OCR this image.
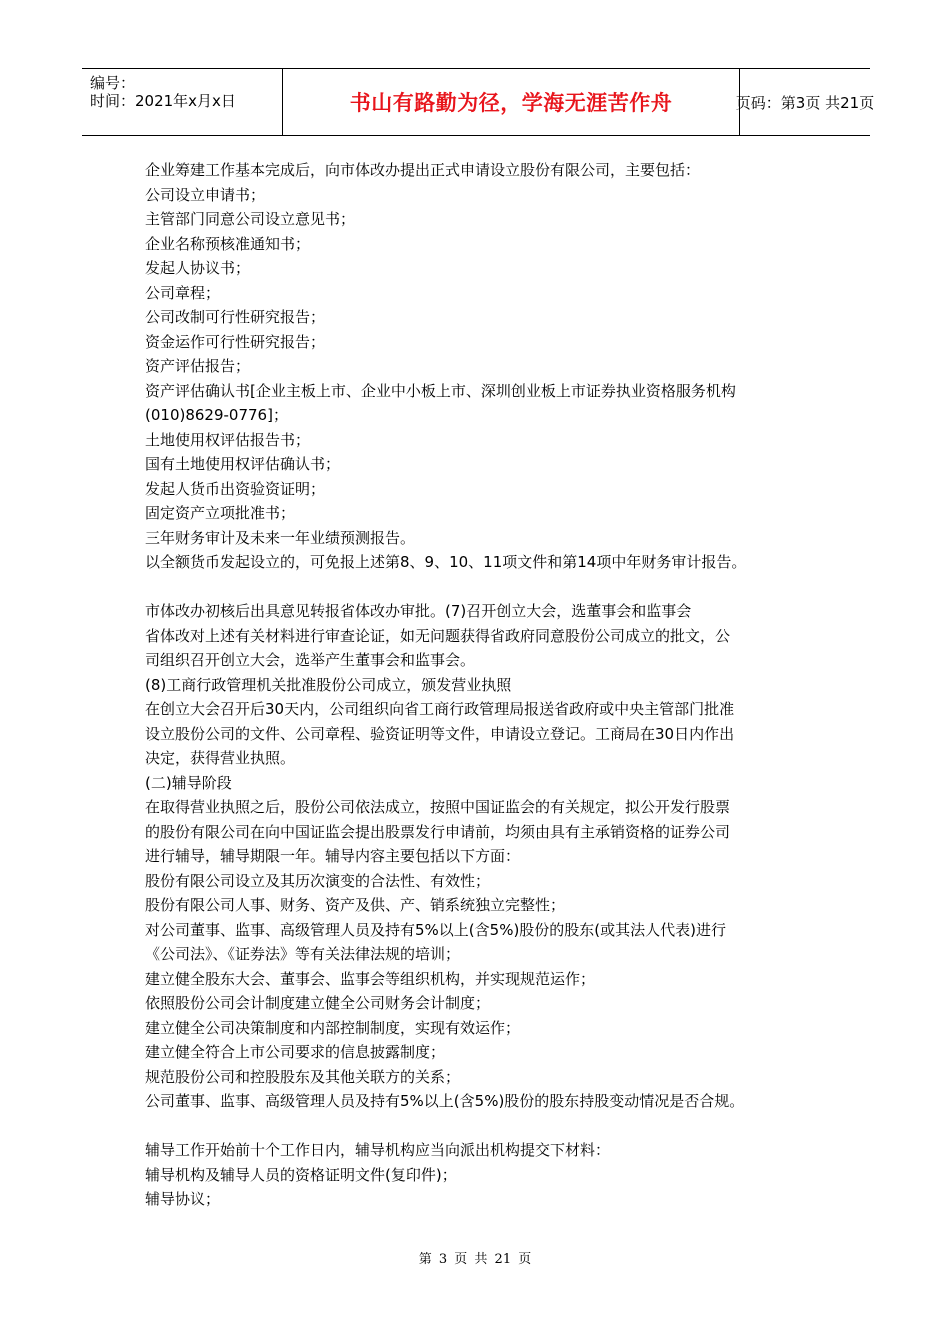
编号：
时间：2021年x月x日	书山有路勤为径，学海无涯苦作舟	页码：第3页 共21页
企业筹建工作基本完成后，向市体改办提出正式申请设立股份有限公司，主要包括：
公司设立申请书；
主管部门同意公司设立意见书；
企业名称预核准通知书；
发起人协议书；
公司章程；
公司改制可行性研究报告；
资金运作可行性研究报告；
资产评估报告；
资产评估确认书[企业主板上市、企业中小板上市、深圳创业板上市证券执业资格服务机构
(010)8629-0776]；
土地使用权评估报告书；
国有土地使用权评估确认书；
发起人货币出资验资证明；
固定资产立项批准书；
三年财务审计及未来一年业绩预测报告。
以全额货币发起设立的，可免报上述第8、9、10、11项文件和第14项中年财务审计报告。
市体改办初核后出具意见转报省体改办审批。(7)召开创立大会，选董事会和监事会
省体改对上述有关材料进行审查论证，如无问题获得省政府同意股份公司成立的批文，公
司组织召开创立大会，选举产生董事会和监事会。
(8)工商行政管理机关批准股份公司成立，颁发营业执照
在创立大会召开后30天内，公司组织向省工商行政管理局报送省政府或中央主管部门批准
设立股份公司的文件、公司章程、验资证明等文件，申请设立登记。工商局在30日内作出
决定，获得营业执照。
(二)辅导阶段
在取得营业执照之后，股份公司依法成立，按照中国证监会的有关规定，拟公开发行股票
的股份有限公司在向中国证监会提出股票发行申请前，均须由具有主承销资格的证券公司
进行辅导，辅导期限一年。辅导内容主要包括以下方面：
股份有限公司设立及其历次演变的合法性、有效性；
股份有限公司人事、财务、资产及供、产、销系统独立完整性；
对公司董事、监事、高级管理人员及持有5%以上(含5%)股份的股东(或其法人代表)进行
《公司法》、《证券法》等有关法律法规的培训；
建立健全股东大会、董事会、监事会等组织机构，并实现规范运作；
依照股份公司会计制度建立健全公司财务会计制度；
建立健全公司决策制度和内部控制制度，实现有效运作；
建立健全符合上市公司要求的信息披露制度；
规范股份公司和控股股东及其他关联方的关系；
公司董事、监事、高级管理人员及持有5%以上(含5%)股份的股东持股变动情况是否合规。
辅导工作开始前十个工作日内，辅导机构应当向派出机构提交下材料：
辅导机构及辅导人员的资格证明文件(复印件)；
辅导协议；
第 3 页 共 21 页
